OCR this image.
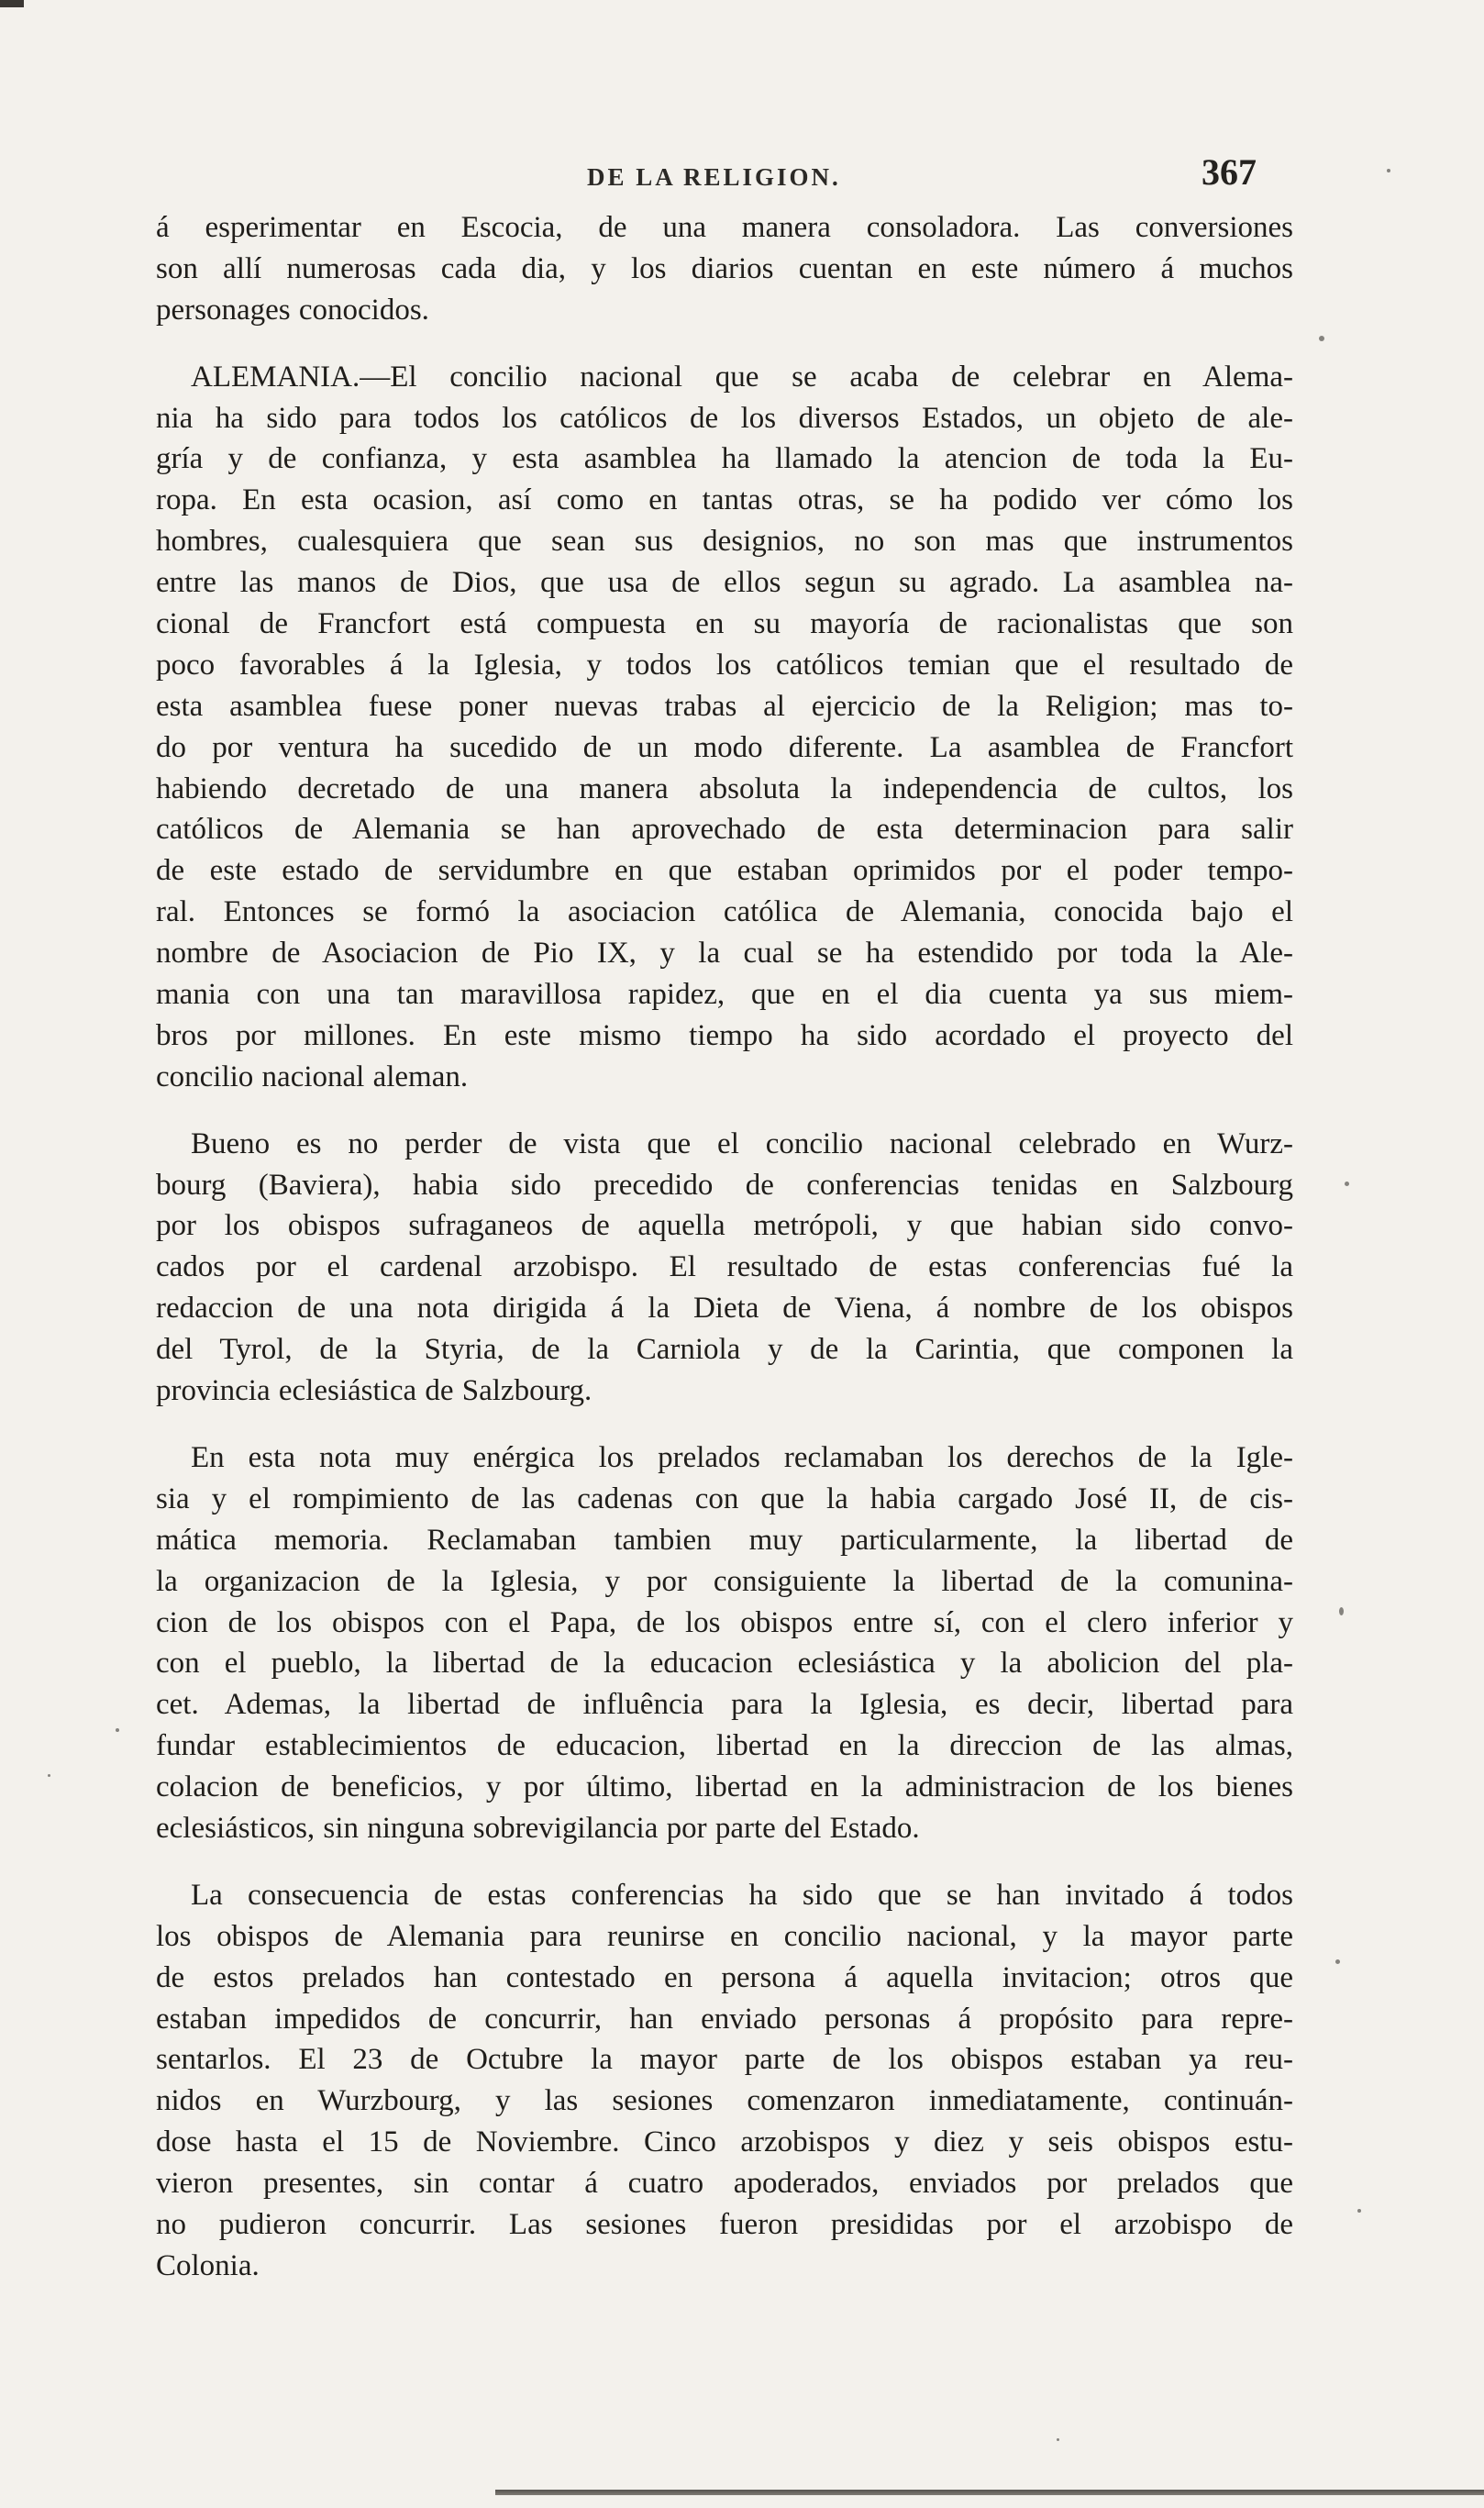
DE LA RELIGION.	367
á esperimentar en Escocia, de una manera consoladora. Las conversiones
son allí numerosas cada dia, y los diarios cuentan en este número á muchos
personages conocidos.
ALEMANIA.—El concilio nacional que se acaba de celebrar en Alema-
nia ha sido para todos los católicos de los diversos Estados, un objeto de ale-
gría y de confianza, y esta asamblea ha llamado la atencion de toda la Eu-
ropa. En esta ocasion, así como en tantas otras, se ha podido ver cómo los
hombres, cualesquiera que sean sus designios, no son mas que instrumentos
entre las manos de Dios, que usa de ellos segun su agrado. La asamblea na-
cional de Francfort está compuesta en su mayoría de racionalistas que son
poco favorables á la Iglesia, y todos los católicos temian que el resultado de
esta asamblea fuese poner nuevas trabas al ejercicio de la Religion; mas to-
do por ventura ha sucedido de un modo diferente. La asamblea de Francfort
habiendo decretado de una manera absoluta la independencia de cultos, los
católicos de Alemania se han aprovechado de esta determinacion para salir
de este estado de servidumbre en que estaban oprimidos por el poder tempo-
ral. Entonces se formó la asociacion católica de Alemania, conocida bajo el
nombre de Asociacion de Pio IX, y la cual se ha estendido por toda la Ale-
mania con una tan maravillosa rapidez, que en el dia cuenta ya sus miem-
bros por millones. En este mismo tiempo ha sido acordado el proyecto del
concilio nacional aleman.
Bueno es no perder de vista que el concilio nacional celebrado en Wurz-
bourg (Baviera), habia sido precedido de conferencias tenidas en Salzbourg
por los obispos sufraganeos de aquella metrópoli, y que habian sido convo-
cados por el cardenal arzobispo. El resultado de estas conferencias fué la
redaccion de una nota dirigida á la Dieta de Viena, á nombre de los obispos
del Tyrol, de la Styria, de la Carniola y de la Carintia, que componen la
provincia eclesiástica de Salzbourg.
En esta nota muy enérgica los prelados reclamaban los derechos de la Igle-
sia y el rompimiento de las cadenas con que la habia cargado José II, de cis-
mática memoria. Reclamaban tambien muy particularmente, la libertad de
la organizacion de la Iglesia, y por consiguiente la libertad de la comunina-
cion de los obispos con el Papa, de los obispos entre sí, con el clero inferior y
con el pueblo, la libertad de la educacion eclesiástica y la abolicion del pla-
cet. Ademas, la libertad de influência para la Iglesia, es decir, libertad para
fundar establecimientos de educacion, libertad en la direccion de las almas,
colacion de beneficios, y por último, libertad en la administracion de los bienes
eclesiásticos, sin ninguna sobrevigilancia por parte del Estado.
La consecuencia de estas conferencias ha sido que se han invitado á todos
los obispos de Alemania para reunirse en concilio nacional, y la mayor parte
de estos prelados han contestado en persona á aquella invitacion; otros que
estaban impedidos de concurrir, han enviado personas á propósito para repre-
sentarlos. El 23 de Octubre la mayor parte de los obispos estaban ya reu-
nidos en Wurzbourg, y las sesiones comenzaron inmediatamente, continuán-
dose hasta el 15 de Noviembre. Cinco arzobispos y diez y seis obispos estu-
vieron presentes, sin contar á cuatro apoderados, enviados por prelados que
no pudieron concurrir. Las sesiones fueron presididas por el arzobispo de
Colonia.
